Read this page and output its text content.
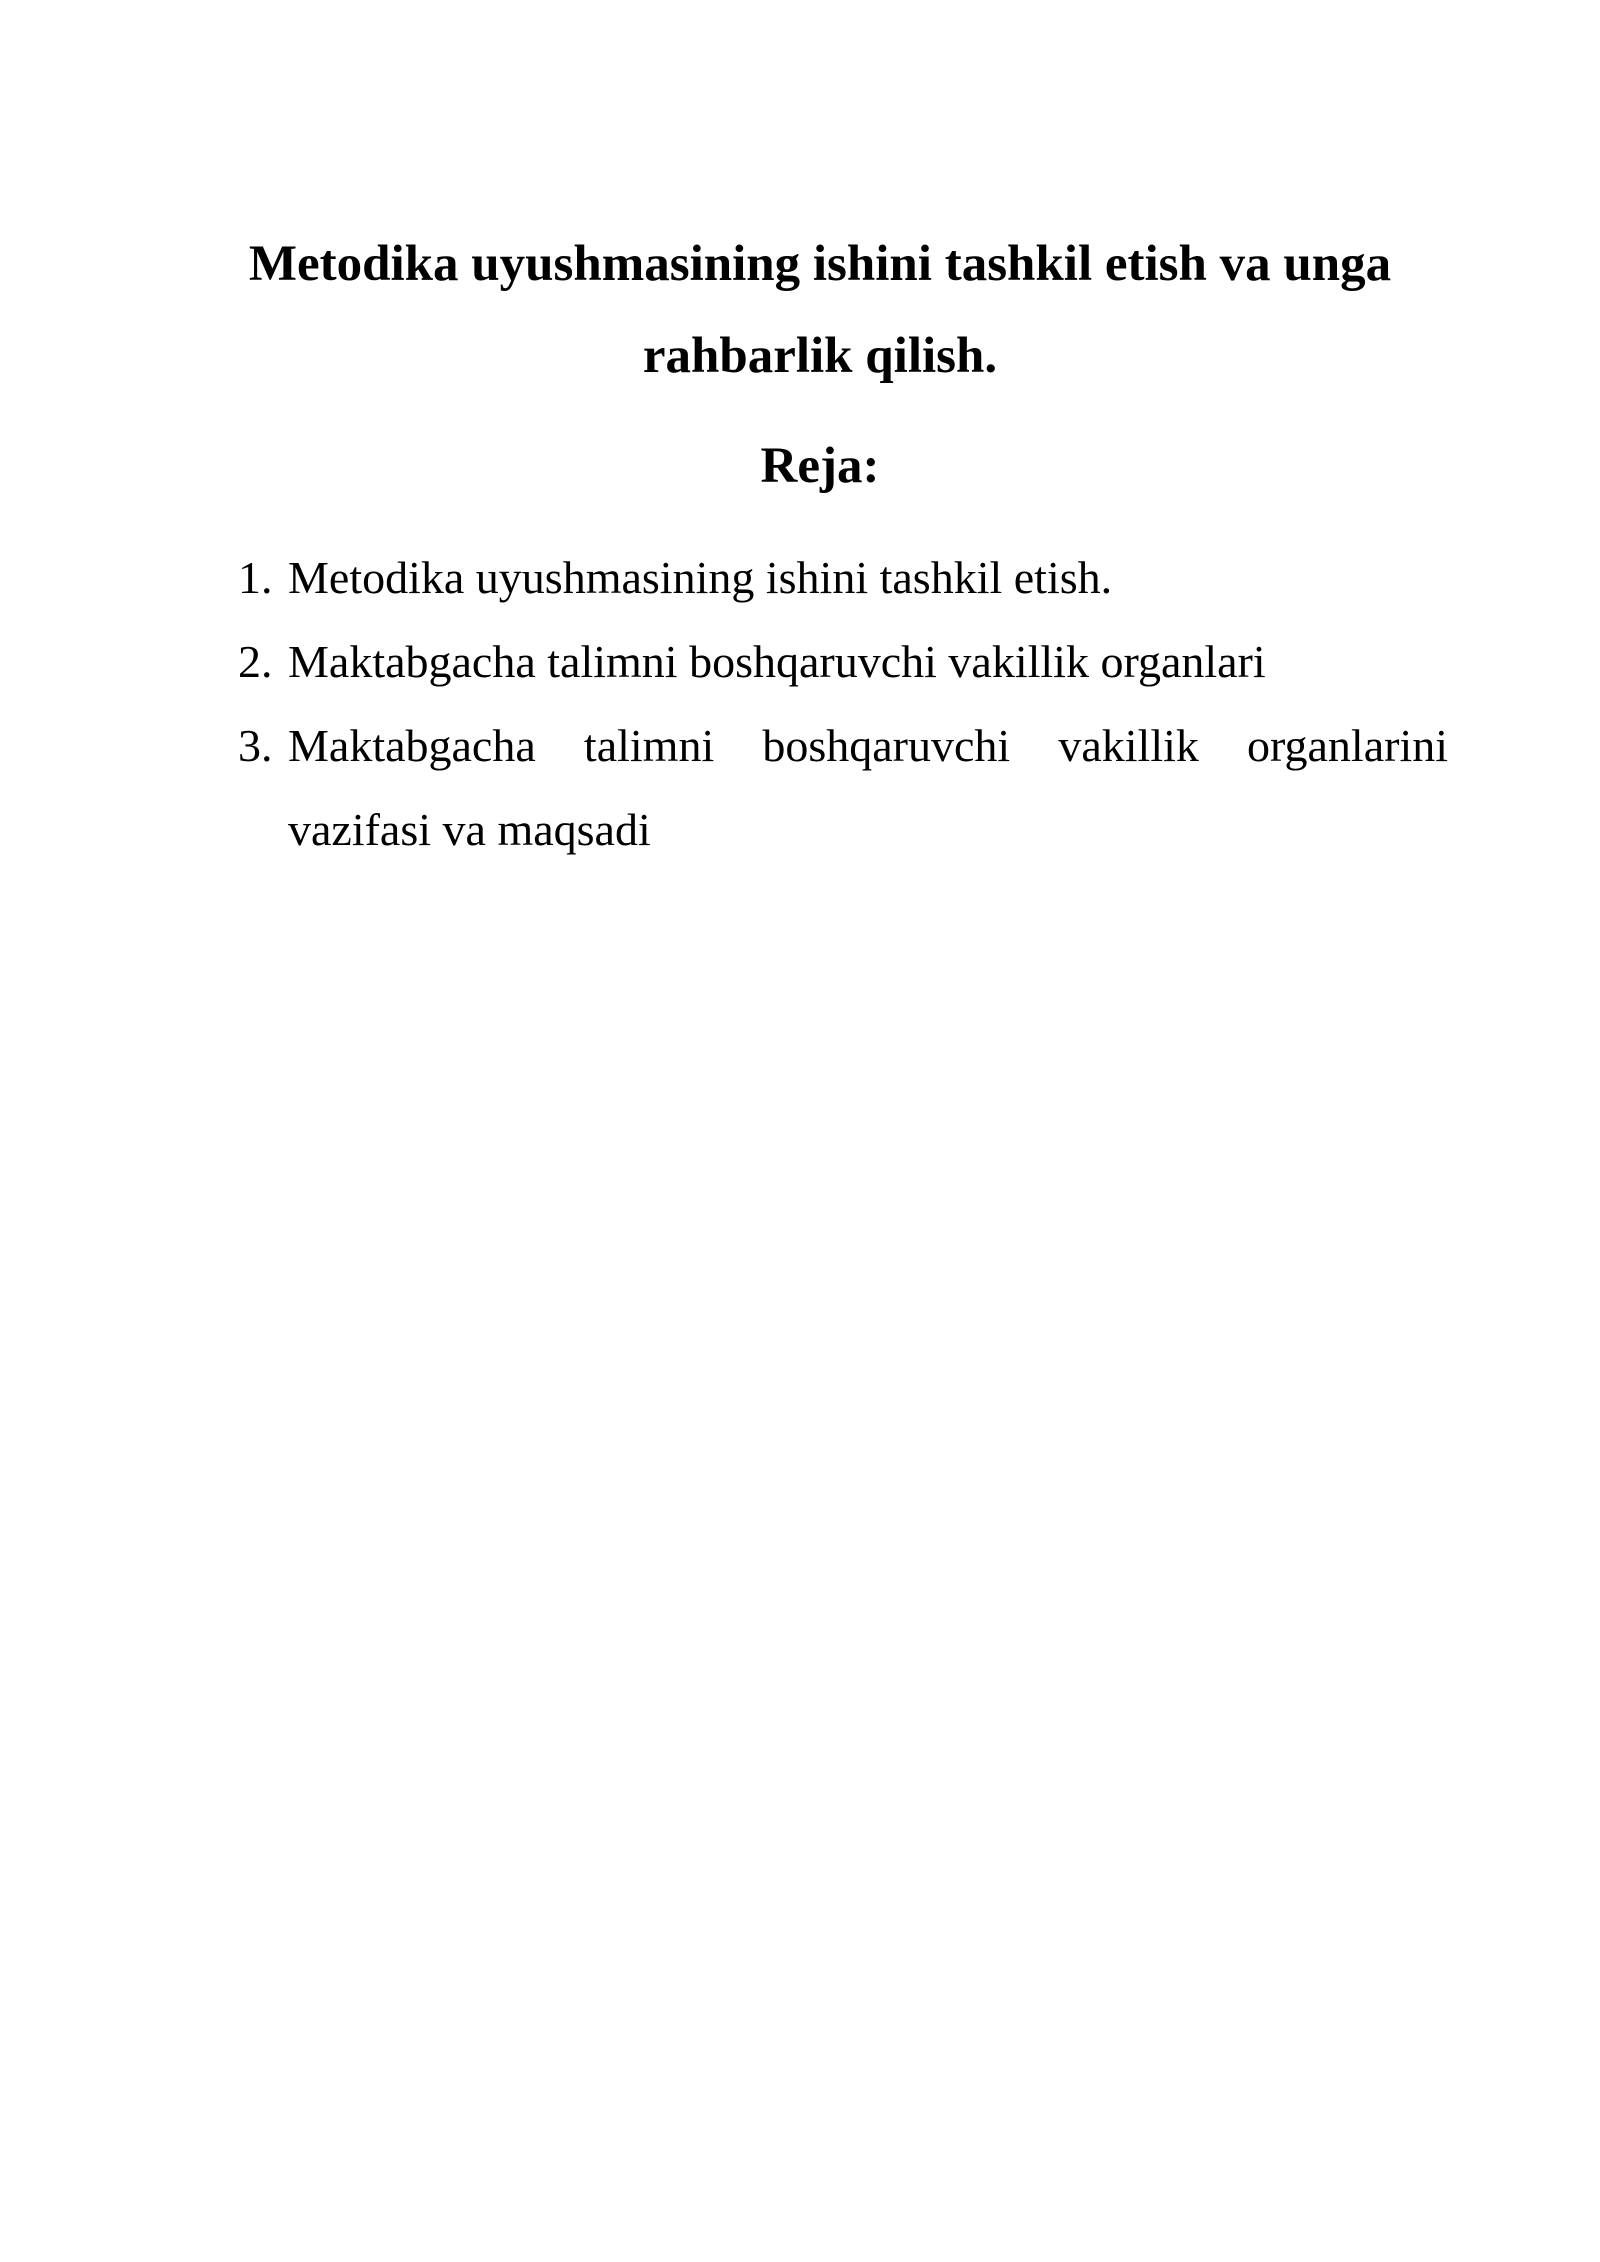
Metodika uyushmasining ishini tashkil etish va unga
rahbarlik qilish.
Reja:
1. Metodika uyushmasining ishini tashkil etish.
2. Maktabgacha talimni boshqaruvchi vakillik organlari
3. Maktabgacha talimni boshqaruvchi vakillik organlarini vazifasi va maqsadi
